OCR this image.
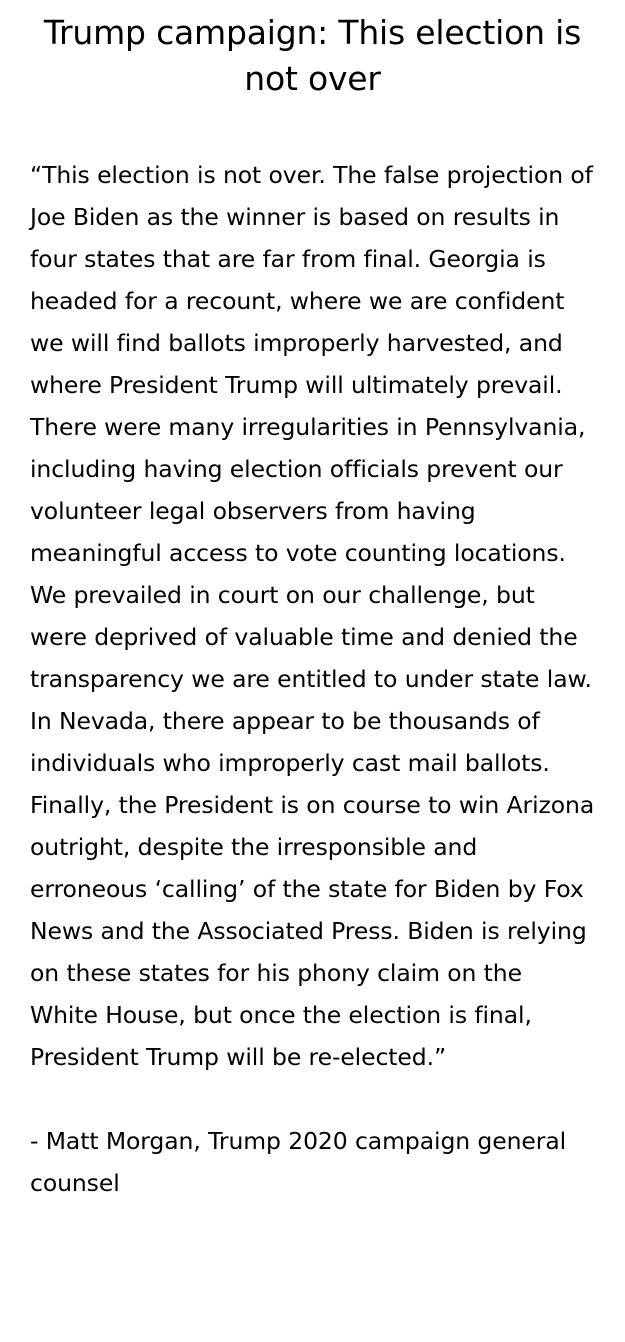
Trump campaign: This election is not over

“This election is not over. The false projection of Joe Biden as the winner is based on results in four states that are far from final. Georgia is headed for a recount, where we are confident we will find ballots improperly harvested, and where President Trump will ultimately prevail. There were many irregularities in Pennsylvania, including having election officials prevent our volunteer legal observers from having meaningful access to vote counting locations. We prevailed in court on our challenge, but were deprived of valuable time and denied the transparency we are entitled to under state law. In Nevada, there appear to be thousands of individuals who improperly cast mail ballots. Finally, the President is on course to win Arizona outright, despite the irresponsible and erroneous ‘calling’ of the state for Biden by Fox News and the Associated Press. Biden is relying on these states for his phony claim on the White House, but once the election is final, President Trump will be re-elected.”

- Matt Morgan, Trump 2020 campaign general counsel
